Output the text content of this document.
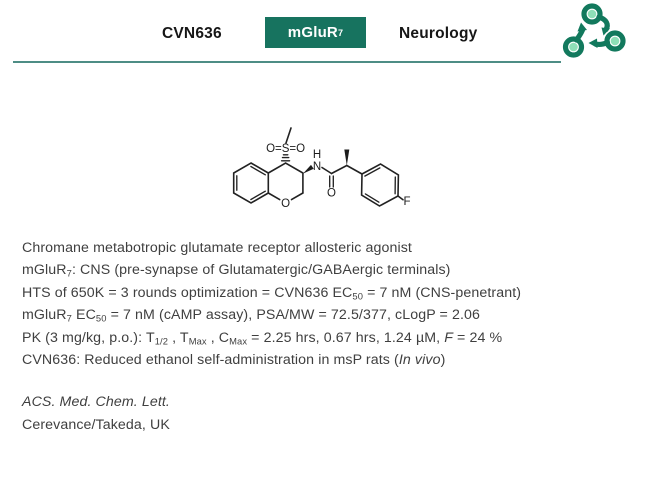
CVN636	mGluR 7	Neurology
O
O=S=O H
N
O
F
Chromane metabotropic glutamate receptor allosteric agonist
mGluR$_7$: CNS (pre-synapse of Glutamatergic/GABAergic terminals)
HTS of 650K = 3 rounds optimization = CVN636 $EC_{50} = 7$ nM (CNS-penetrant)
mGluR$_7$ $EC_{50} = 7$ nM (cAMP assay), PSA/MW = 72.5/377, cLogP = 2.06
PK (3 mg/kg, p.o.): $T_{1/2}$ , $T_{Max}$ , $C_{Max} = 2.25$ hrs, 0.67 hrs, 1.24 µM, F = 24 %
CVN636: Reduced ethanol self-administration in msP rats (In vivo)
ACS. Med. Chem. Lett.
Cerevance/Takeda, UK
